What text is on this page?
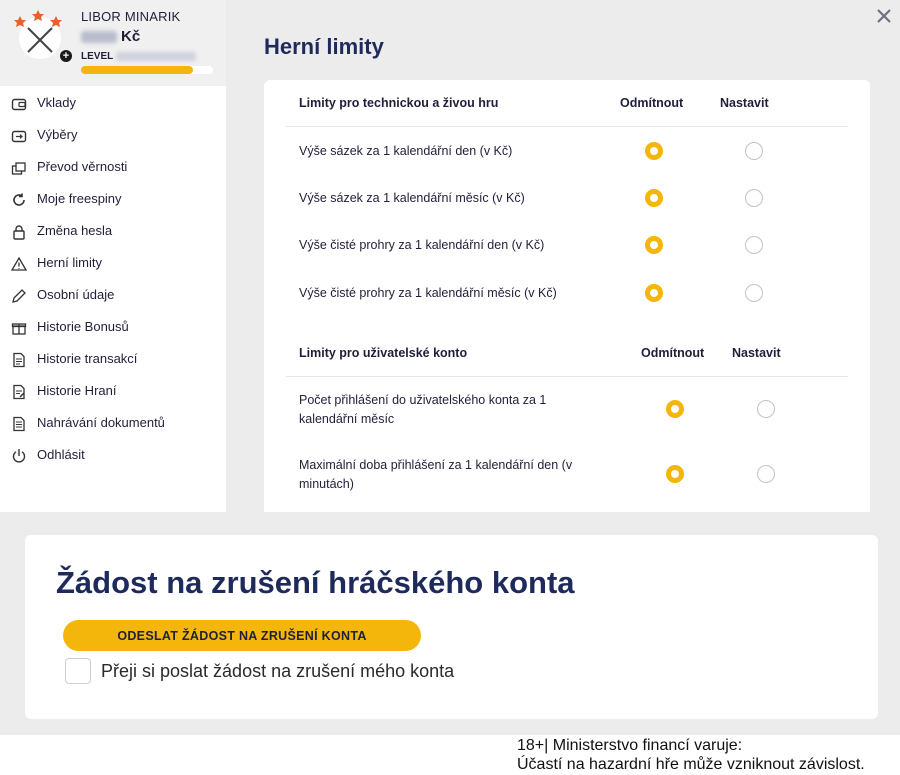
+
LIBOR MINARIK
Kč
LEVEL
Vklady
Výběry
Převod věrnosti
Moje freespiny
Změna hesla
Herní limity
Osobní údaje
Historie Bonusů
Historie transakcí
Historie Hraní
Nahrávání dokumentů
Odhlásit
Herní limity
Limity pro technickou a živou hru	Odmítnout	Nastavit
Výše sázek za 1 kalendářní den (v Kč)
Výše sázek za 1 kalendářní měsíc (v Kč)
Výše čisté prohry za 1 kalendářní den (v Kč)
Výše čisté prohry za 1 kalendářní měsíc (v Kč)
Limity pro uživatelské konto	Odmítnout Nastavit
Počet přihlášení do uživatelského konta za 1
kalendářní měsíc
Maximální doba přihlášení za 1 kalendářní den (v
minutách)
Žádost na zrušení hráčského konta
ODESLAT ŽÁDOST NA ZRUŠENÍ KONTA
Přeji si poslat žádost na zrušení mého konta
18+| Ministerstvo financí varuje:
Účastí na hazardní hře může vzniknout závislost.
